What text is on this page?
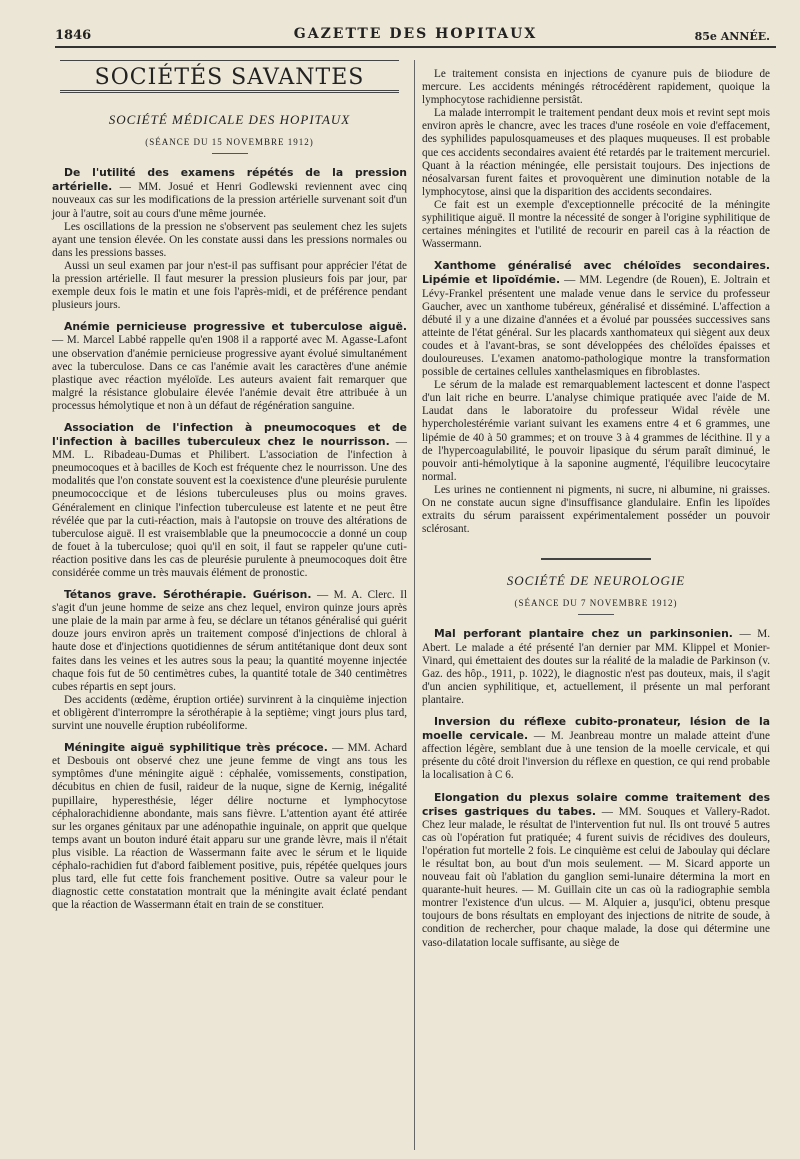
1846	GAZETTE DES HOPITAUX	85e ANNÉE.
SOCIÉTÉS SAVANTES
SOCIÉTÉ MÉDICALE DES HOPITAUX
(SÉANCE DU 15 NOVEMBRE 1912)

De l'utilité des examens répétés de la pression artérielle. — MM. Josué et Henri Godlewski reviennent avec cinq nouveaux cas sur les modifications de la pression artérielle survenant soit d'un jour à l'autre, soit au cours d'une même journée.

Les oscillations de la pression ne s'observent pas seulement chez les sujets ayant une tension élevée. On les constate aussi dans les pressions normales ou dans les pressions basses.

Aussi un seul examen par jour n'est-il pas suffisant pour apprécier l'état de la pression artérielle. Il faut mesurer la pression plusieurs fois par jour, par exemple deux fois le matin et une fois l'après-midi, et de préférence pendant plusieurs jours.

Anémie pernicieuse progressive et tuberculose aiguë. — M. Marcel Labbé rappelle qu'en 1908 il a rapporté avec M. Agasse-Lafont une observation d'anémie pernicieuse progressive ayant évolué simultanément avec la tuberculose. Dans ce cas l'anémie avait les caractères d'une anémie plastique avec réaction myéloïde. Les auteurs avaient fait remarquer que malgré la résistance globulaire élevée l'anémie devait être attribuée à un processus hémolytique et non à un défaut de régénération sanguine.

Association de l'infection à pneumocoques et de l'infection à bacilles tuberculeux chez le nourrisson. — MM. L. Ribadeau-Dumas et Philibert. L'association de l'infection à pneumocoques et à bacilles de Koch est fréquente chez le nourrisson. Une des modalités que l'on constate souvent est la coexistence d'une pleurésie purulente pneumococcique et de lésions tuberculeuses plus ou moins graves. Généralement en clinique l'infection tuberculeuse est latente et ne peut être révélée que par la cuti-réaction, mais à l'autopsie on trouve des altérations de tuberculose aiguë. Il est vraisemblable que la pneumococcie a donné un coup de fouet à la tuberculose; quoi qu'il en soit, il faut se rappeler qu'une cuti-réaction positive dans les cas de pleurésie purulente à pneumocoques doit être considérée comme un très mauvais élément de pronostic.

Tétanos grave. Sérothérapie. Guérison. — M. A. Clerc. Il s'agit d'un jeune homme de seize ans chez lequel, environ quinze jours après une plaie de la main par arme à feu, se déclare un tétanos généralisé qui guérit douze jours environ après un traitement composé d'injections de chloral à haute dose et d'injections quotidiennes de sérum antitétanique dont deux sont faites dans les veines et les autres sous la peau; la quantité moyenne injectée chaque fois fut de 50 centimètres cubes, la quantité totale de 340 centimètres cubes répartis en sept jours.

Des accidents (œdème, éruption ortiée) survinrent à la cinquième injection et obligèrent d'interrompre la sérothérapie à la septième; vingt jours plus tard, survint une nouvelle éruption rubéoliforme.

Méningite aiguë syphilitique très précoce. — MM. Achard et Desbouis ont observé chez une jeune femme de vingt ans tous les symptômes d'une méningite aiguë : céphalée, vomissements, constipation, décubitus en chien de fusil, raideur de la nuque, signe de Kernig, inégalité pupillaire, hyperesthésie, léger délire nocturne et lymphocytose céphalorachidienne abondante, mais sans fièvre. L'attention ayant été attirée sur les organes génitaux par une adénopathie inguinale, on apprit que quelque temps avant un bouton induré était apparu sur une grande lèvre, mais il n'était plus visible. La réaction de Wassermann faite avec le sérum et le liquide céphalo-rachidien fut d'abord faiblement positive, puis, répétée quelques jours plus tard, elle fut cette fois franchement positive. Outre sa valeur pour le diagnostic cette constatation montrait que la méningite avait éclaté pendant que la réaction de Wassermann était en train de se constituer.

Le traitement consista en injections de cyanure puis de biiodure de mercure. Les accidents méningés rétrocédèrent rapidement, quoique la lymphocytose rachidienne persistât.

La malade interrompit le traitement pendant deux mois et revint sept mois environ après le chancre, avec les traces d'une roséole en voie d'effacement, des syphilides papulosquameuses et des plaques muqueuses. Il est probable que ces accidents secondaires avaient été retardés par le traitement mercuriel. Quant à la réaction méningée, elle persistait toujours. Des injections de néosalvarsan furent faites et provoquèrent une diminution notable de la lymphocytose, ainsi que la disparition des accidents secondaires.

Ce fait est un exemple d'exceptionnelle précocité de la méningite syphilitique aiguë. Il montre la nécessité de songer à l'origine syphilitique de certaines méningites et l'utilité de recourir en pareil cas à la réaction de Wassermann.

Xanthome généralisé avec chéloïdes secondaires. Lipémie et lipoïdémie. — MM. Legendre (de Rouen), E. Joltrain et Lévy-Frankel présentent une malade venue dans le service du professeur Gaucher, avec un xanthome tubéreux, généralisé et disséminé. L'affection a débuté il y a une dizaine d'années et a évolué par poussées successives sans atteinte de l'état général. Sur les placards xanthomateux qui siègent aux deux coudes et à l'avant-bras, se sont développées des chéloïdes épaisses et douloureuses. L'examen anatomo-pathologique montre la transformation possible de certaines cellules xanthelasmiques en fibroblastes.

Le sérum de la malade est remarquablement lactescent et donne l'aspect d'un lait riche en beurre. L'analyse chimique pratiquée avec l'aide de M. Laudat dans le laboratoire du professeur Widal révèle une hypercholestérémie variant suivant les examens entre 4 et 6 grammes, une lipémie de 40 à 50 grammes; et on trouve 3 à 4 grammes de lécithine. Il y a de l'hypercoagulabilité, le pouvoir lipasique du sérum paraît diminué, le pouvoir anti-hémolytique à la saponine augmenté, l'équilibre leucocytaire normal.

Les urines ne contiennent ni pigments, ni sucre, ni albumine, ni graisses. On ne constate aucun signe d'insuffisance glandulaire. Enfin les lipoïdes extraits du sérum paraissent expérimentalement posséder un pouvoir sclérosant.

SOCIÉTÉ DE NEUROLOGIE
(SÉANCE DU 7 NOVEMBRE 1912)

Mal perforant plantaire chez un parkinsonien. — M. Abert. Le malade a été présenté l'an dernier par MM. Klippel et Monier-Vinard, qui émettaient des doutes sur la réalité de la maladie de Parkinson (v. Gaz. des hôp., 1911, p. 1022), le diagnostic n'est pas douteux, mais, il s'agit d'un ancien syphilitique, et, actuellement, il présente un mal perforant plantaire.

Inversion du réflexe cubito-pronateur, lésion de la moelle cervicale. — M. Jeanbreau montre un malade atteint d'une affection légère, semblant due à une tension de la moelle cervicale, et qui présente du côté droit l'inversion du réflexe en question, ce qui rend probable la localisation à C 6.

Elongation du plexus solaire comme traitement des crises gastriques du tabes. — MM. Souques et Vallery-Radot. Chez leur malade, le résultat de l'intervention fut nul. Ils ont trouvé 5 autres cas où l'opération fut pratiquée; 4 furent suivis de récidives des douleurs, l'opération fut mortelle 2 fois. Le cinquième est celui de Jaboulay qui déclare le résultat bon, au bout d'un mois seulement. — M. Sicard apporte un nouveau fait où l'ablation du ganglion semi-lunaire détermina la mort en quarante-huit heures. — M. Guillain cite un cas où la radiographie sembla montrer l'existence d'un ulcus. — M. Alquier a, jusqu'ici, obtenu presque toujours de bons résultats en employant des injections de nitrite de soude, à condition de rechercher, pour chaque malade, la dose qui détermine une vaso-dilatation locale suffisante, au siège de
